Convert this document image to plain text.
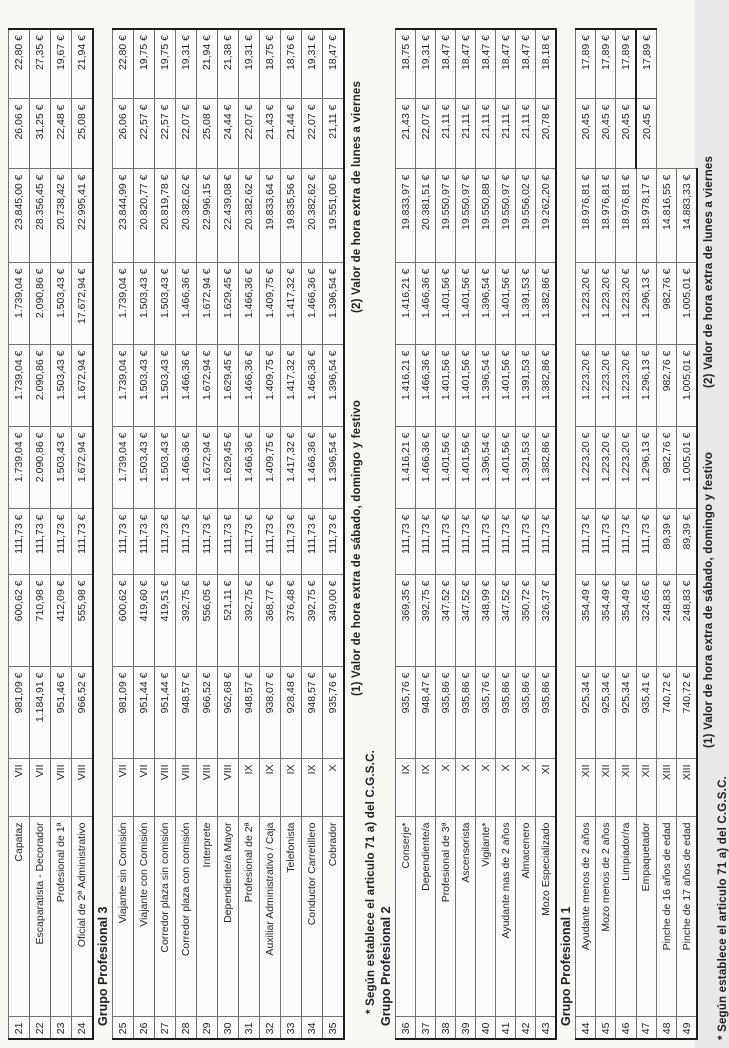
21	Capataz	VII	981,09 €	600,62 €	111,73 €	1.739,04 €	1.739,04 €	1.739,04 €	23.845,00 €	26,06 €	22,80 €
22	Escaparatista - Decorador	VII	1.184,91 €	710,98 €	111,73 €	2.090,86 €	2.090,86 €	2.090,86 €	28.356,45 €	31,25 €	27,35 €
23	Profesional de 1ª	VIII	951,46 €	412,09 €	111,73 €	1.503,43 €	1.503,43 €	1.503,43 €	20.738,42 €	22,48 €	19,67 €
24	Oficial de 2ª Administrativo	VIII	966,52 €	555,98 €	111,73 €	1.672,94 €	1.672,94 €	17.672,94 €	22.995,41 €	25,08 €	21,94 €
Grupo Profesional 3
25	Viajante sin Comisión	VII	981,09 €	600,62 €	111,73 €	1.739,04 €	1.739,04 €	1.739,04 €	23.844,99 €	26,06 €	22,80 €
26	Viajante con Comisión	VII	951,44 €	419,60 €	111,73 €	1.503,43 €	1.503,43 €	1.503,43 €	20.820,77 €	22,57 €	19,75 €
27	Corredor plaza sin comisión	VIII	951,44 €	419,51 €	111,73 €	1.503,43 €	1.503,43 €	1.503,43 €	20.819,78 €	22,57 €	19,75 €
28	Corredor plaza con comisión	VIII	948,57 €	392,75 €	111,73 €	1.466,36 €	1.466,36 €	1.466,36 €	20.382,62 €	22,07 €	19,31 €
29	Interprete	VIII	966,52 €	556,05 €	111,73 €	1.672,94 €	1.672,94 €	1.672,94 €	22.996,15 €	25,08 €	21,94 €
30	Dependiente/a Mayor	VIII	962,68 €	521,11 €	111,73 €	1.629,45 €	1.629,45 €	1.629,45 €	22.439,08 €	24,44 €	21,38 €
31	Profesional de 2ª	IX	948,57 €	392,75 €	111,73 €	1.466,36 €	1.466,36 €	1.466,36 €	20.382,62 €	22,07 €	19,31 €
32	Auxiliar Administrativo / Caja	IX	938,07 €	368,77 €	111,73 €	1.409,75 €	1.409,75 €	1.409,75 €	19.833,64 €	21,43 €	18,75 €
33	Telefonista	IX	928,48 €	376,48 €	111,73 €	1.417,32 €	1.417,32 €	1.417,32 €	19.835,56 €	21,44 €	18,76 €
34	Conductor Carretillero	IX	948,57 €	392,75 €	111,73 €	1.466,36 €	1.466,36 €	1.466,36 €	20.382,62 €	22,07 €	19,31 €
35	Cobrador	X	935,76 €	349,00 €	111,73 €	1.396,54 €	1.396,54 €	1.396,54 €	19.551,00 €	21,11 €	18,47 €
(1) Valor de hora extra de sábado, domingo y festivo
(2) Valor de hora extra de lunes a viernes
* Según establece el articulo 71 a) del C.G.S.C. Grupo Profesional 2
36	Conserje*	IX	935,76 €	369,35 €	111,73 €	1.416,21 €	1.416,21 €	1.416,21 €	19.833,97 €	21,43 €	18,75 €
37	Dependiente/a	IX	948,47 €	392,75 €	111,73 €	1.466,36 €	1.466,36 €	1.466,36 €	20.381,51 €	22,07 €	19,31 €
38	Profesional de 3ª	X	935,86 €	347,52 €	111,73 €	1.401,56 €	1.401,56 €	1.401,56 €	19.550,97 €	21,11 €	18,47 €
39	Ascensorista	X	935,86 €	347,52 €	111,73 €	1.401,56 €	1.401,56 €	1.401,56 €	19.550,97 €	21,11 €	18,47 €
40	Vigilante*	X	935,76 €	348,99 €	111,73 €	1.396,54 €	1.396,54 €	1.396,54 €	19.550,88 €	21,11 €	18,47 €
41	Ayudante mas de 2 años	X	935,86 €	347,52 €	111,73 €	1.401,56 €	1.401,56 €	1.401,56 €	19.550,97 €	21,11 €	18,47 €
42	Almacenero	X	935,86 €	350,72 €	111,73 €	1.391,53 €	1.391,53 €	1.391,53 €	19.556,02 €	21,11 €	18,47 €
43	Mozo Especializado	XI	935,86 €	326,37 €	111,73 €	1.382,86 €	1.382,86 €	1.382,86 €	19.262,20 €	20,78 €	18,18 €
Grupo Profesional 1
44	Ayudante menos de 2 años	XII	925,34 €	354,49 €	111,73 €	1.223,20 €	1.223,20 €	1.223,20 €	18.976,81 €	20,45 €	17,89 €
45	Mozo menos de 2 años	XII	925,34 €	354,49 €	111,73 €	1.223,20 €	1.223,20 €	1.223,20 €	18.976,81 €	20,45 €	17,89 €
46	Limpiador/ra	XII	925,34 €	354,49 €	111,73 €	1.223,20 €	1.223,20 €	1.223,20 €	18.976,81 €	20,45 €	17,89 €
47	Empaquetador	XII	935,41 €	324,65 €	111,73 €	1.296,13 €	1.296,13 €	1.296,13 €	18.978,17 €	20,45 €	17,89 €
48	Pinche de 16 años de edad	XIII	740,72 €	248,83 €	89,39 €	982,76 €	982,76 €	982,76 €	14.816,55 €		
49	Pinche de 17 años de edad	XIII	740,72 €	248,83 €	89,39 €	1.005,01 €	1.005,01 €	1.005,01 €	14.883,33 €		
(1) Valor de hora extra de sábado, domingo y festivo
(2) Valor de hora extra de lunes a viernes
* Según establece el articulo 71 a) del C.G.S.C.
